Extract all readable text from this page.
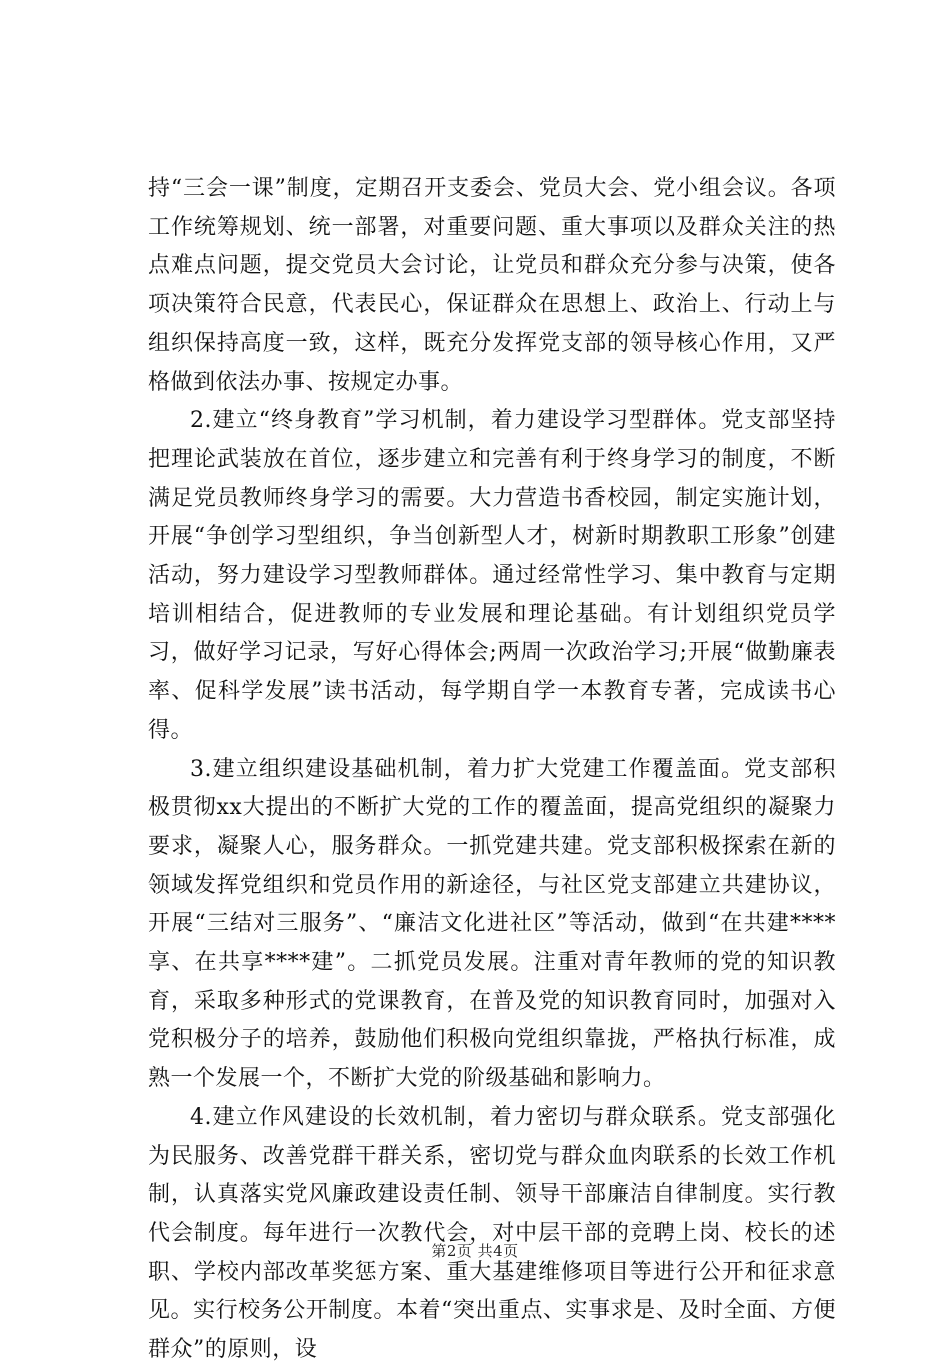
持“三会一课”制度，定期召开支委会、党员大会、党小组会议。各项工作统筹规划、统一部署，对重要问题、重大事项以及群众关注的热点难点问题，提交党员大会讨论，让党员和群众充分参与决策，使各项决策符合民意，代表民心，保证群众在思想上、政治上、行动上与组织保持高度一致，这样，既充分发挥党支部的领导核心作用，又严格做到依法办事、按规定办事。

2.建立“终身教育”学习机制，着力建设学习型群体。党支部坚持把理论武装放在首位，逐步建立和完善有利于终身学习的制度，不断满足党员教师终身学习的需要。大力营造书香校园，制定实施计划，开展“争创学习型组织，争当创新型人才，树新时期教职工形象”创建活动，努力建设学习型教师群体。通过经常性学习、集中教育与定期培训相结合，促进教师的专业发展和理论基础。有计划组织党员学习，做好学习记录，写好心得体会;两周一次政治学习;开展“做勤廉表率、促科学发展”读书活动，每学期自学一本教育专著，完成读书心得。

3.建立组织建设基础机制，着力扩大党建工作覆盖面。党支部积极贯彻xx大提出的不断扩大党的工作的覆盖面，提高党组织的凝聚力要求，凝聚人心，服务群众。一抓党建共建。党支部积极探索在新的领域发挥党组织和党员作用的新途径，与社区党支部建立共建协议，开展“三结对三服务”、“廉洁文化进社区”等活动，做到“在共建****享、在共享****建”。二抓党员发展。注重对青年教师的党的知识教育，采取多种形式的党课教育，在普及党的知识教育同时，加强对入党积极分子的培养，鼓励他们积极向党组织靠拢，严格执行标准，成熟一个发展一个，不断扩大党的阶级基础和影响力。

4.建立作风建设的长效机制，着力密切与群众联系。党支部强化为民服务、改善党群干群关系，密切党与群众血肉联系的长效工作机制，认真落实党风廉政建设责任制、领导干部廉洁自律制度。实行教代会制度。每年进行一次教代会，对中层干部的竞聘上岗、校长的述职、学校内部改革奖惩方案、重大基建维修项目等进行公开和征求意见。实行校务公开制度。本着“突出重点、实事求是、及时全面、方便群众”的原则，设

第2页 共4页
